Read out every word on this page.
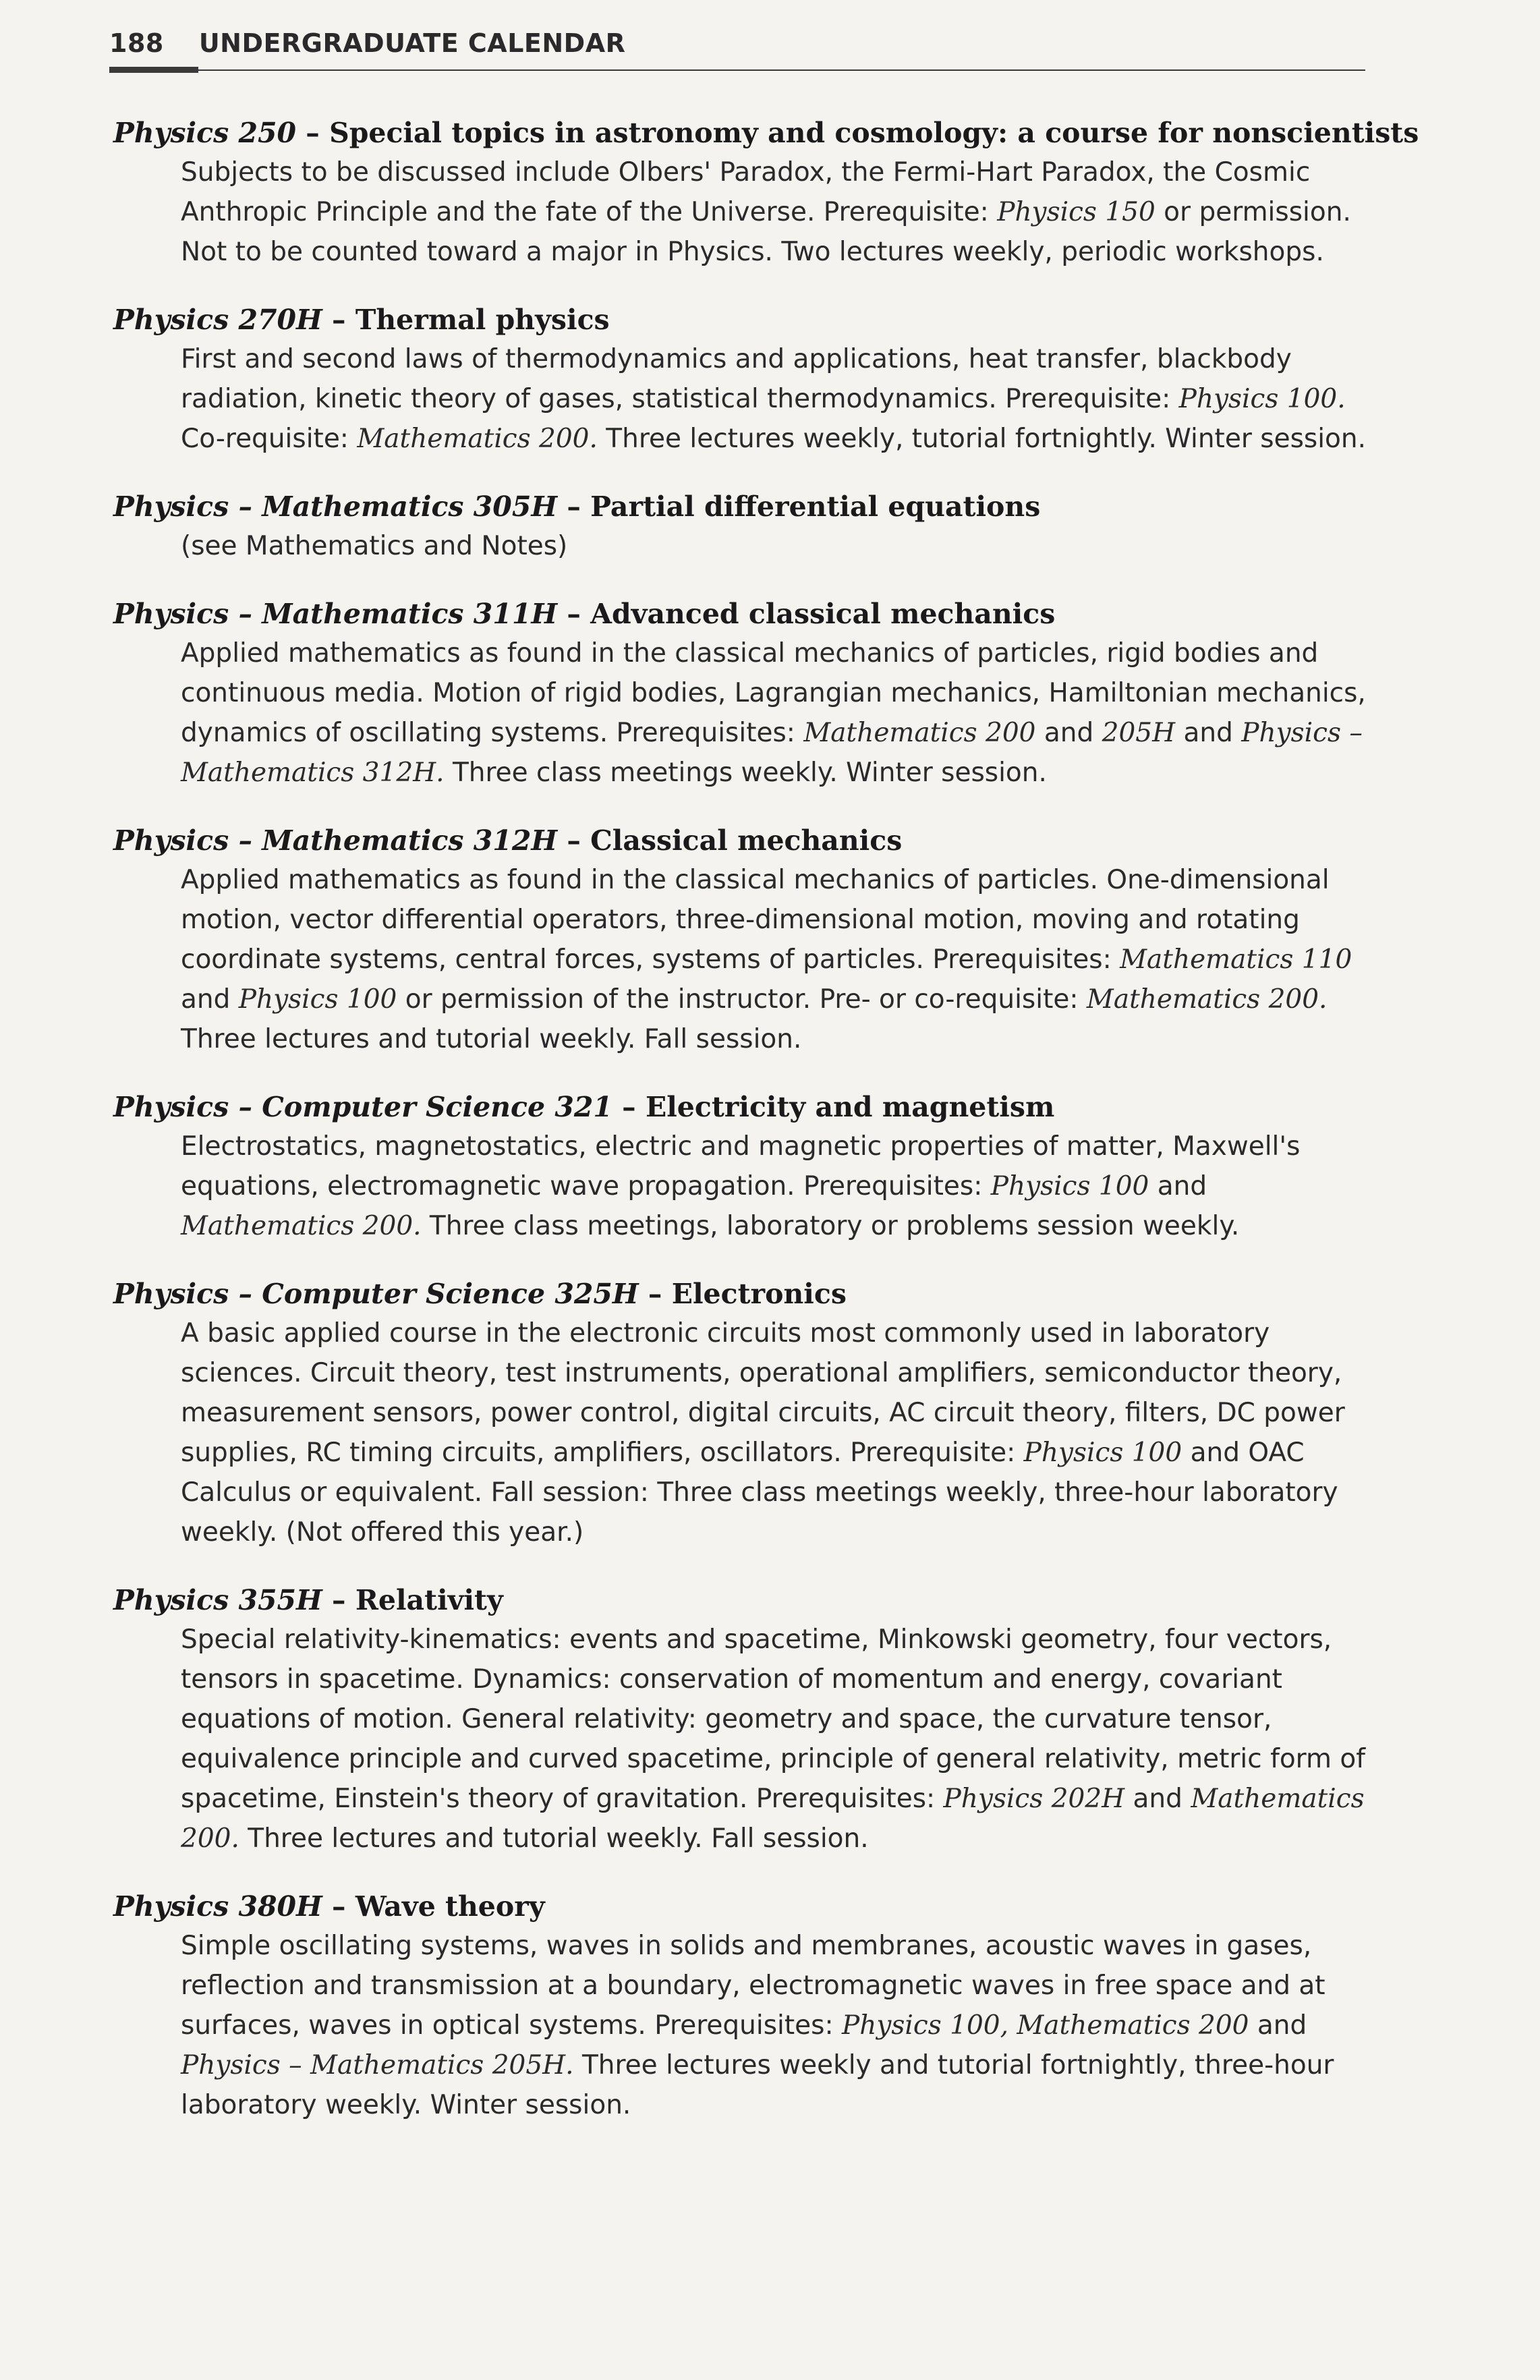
188 UNDERGRADUATE CALENDAR
Physics 250 – Special topics in astronomy and cosmology: a course for nonscientists
Subjects to be discussed include Olbers' Paradox, the Fermi-Hart Paradox, the Cosmic Anthropic Principle and the fate of the Universe. Prerequisite: Physics 150 or permission. Not to be counted toward a major in Physics. Two lectures weekly, periodic workshops.
Physics 270H – Thermal physics
First and second laws of thermodynamics and applications, heat transfer, blackbody radiation, kinetic theory of gases, statistical thermodynamics. Prerequisite: Physics 100. Co-requisite: Mathematics 200. Three lectures weekly, tutorial fortnightly. Winter session.
Physics – Mathematics 305H – Partial differential equations
(see Mathematics and Notes)
Physics – Mathematics 311H – Advanced classical mechanics
Applied mathematics as found in the classical mechanics of particles, rigid bodies and continuous media. Motion of rigid bodies, Lagrangian mechanics, Hamiltonian mechanics, dynamics of oscillating systems. Prerequisites: Mathematics 200 and 205H and Physics – Mathematics 312H. Three class meetings weekly. Winter session.
Physics – Mathematics 312H – Classical mechanics
Applied mathematics as found in the classical mechanics of particles. One-dimensional motion, vector differential operators, three-dimensional motion, moving and rotating coordinate systems, central forces, systems of particles. Prerequisites: Mathematics 110 and Physics 100 or permission of the instructor. Pre- or co-requisite: Mathematics 200. Three lectures and tutorial weekly. Fall session.
Physics – Computer Science 321 – Electricity and magnetism
Electrostatics, magnetostatics, electric and magnetic properties of matter, Maxwell's equations, electromagnetic wave propagation. Prerequisites: Physics 100 and Mathematics 200. Three class meetings, laboratory or problems session weekly.
Physics – Computer Science 325H – Electronics
A basic applied course in the electronic circuits most commonly used in laboratory sciences. Circuit theory, test instruments, operational amplifiers, semiconductor theory, measurement sensors, power control, digital circuits, AC circuit theory, filters, DC power supplies, RC timing circuits, amplifiers, oscillators. Prerequisite: Physics 100 and OAC Calculus or equivalent. Fall session: Three class meetings weekly, three-hour laboratory weekly. (Not offered this year.)
Physics 355H – Relativity
Special relativity-kinematics: events and spacetime, Minkowski geometry, four vectors, tensors in spacetime. Dynamics: conservation of momentum and energy, covariant equations of motion. General relativity: geometry and space, the curvature tensor, equivalence principle and curved spacetime, principle of general relativity, metric form of spacetime, Einstein's theory of gravitation. Prerequisites: Physics 202H and Mathematics 200. Three lectures and tutorial weekly. Fall session.
Physics 380H – Wave theory
Simple oscillating systems, waves in solids and membranes, acoustic waves in gases, reflection and transmission at a boundary, electromagnetic waves in free space and at surfaces, waves in optical systems. Prerequisites: Physics 100, Mathematics 200 and Physics – Mathematics 205H. Three lectures weekly and tutorial fortnightly, three-hour laboratory weekly. Winter session.
